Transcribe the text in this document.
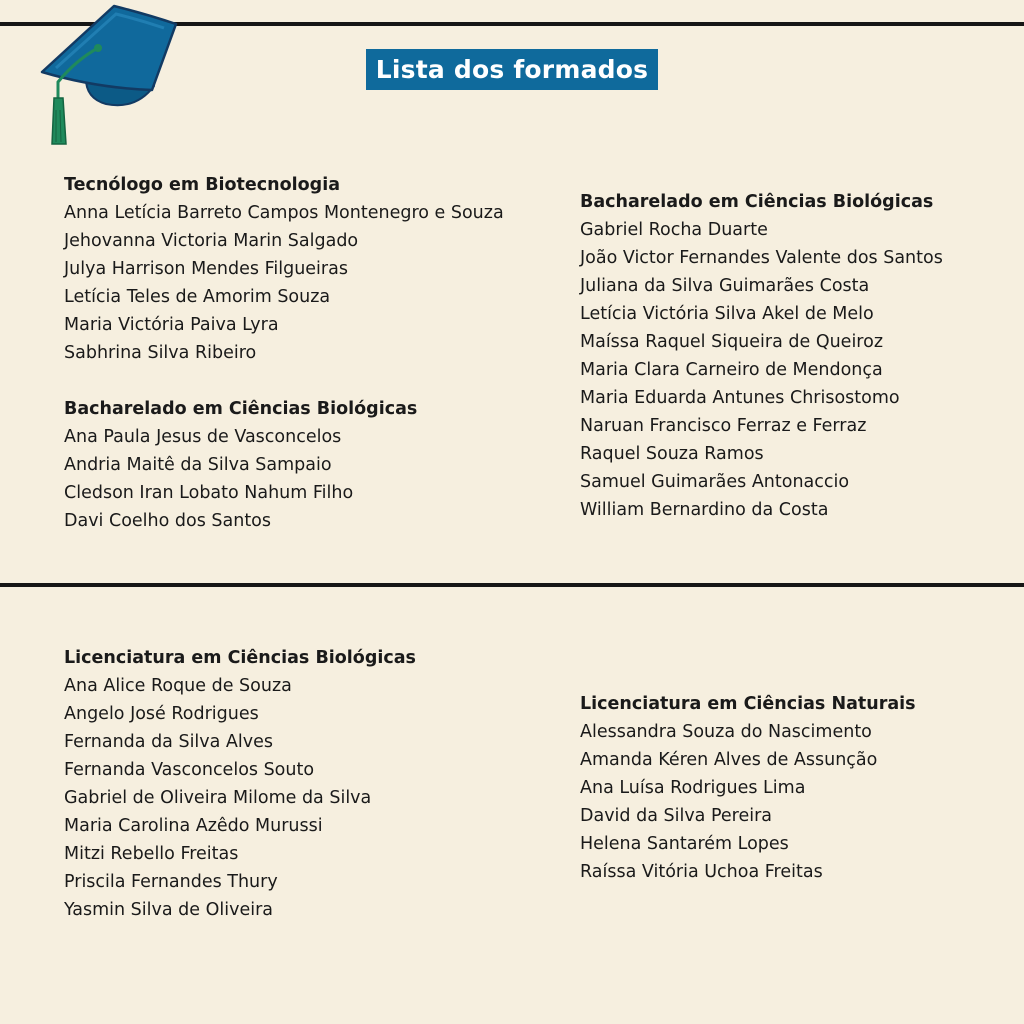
Lista dos formados
Tecnólogo em Biotecnologia
Anna Letícia Barreto Campos Montenegro e Souza
Jehovanna Victoria Marin Salgado
Julya Harrison Mendes Filgueiras
Letícia Teles de Amorim Souza
Maria Victória Paiva Lyra
Sabhrina Silva Ribeiro
Bacharelado em Ciências Biológicas
Ana Paula Jesus de Vasconcelos
Andria Maitê da Silva Sampaio
Cledson Iran Lobato Nahum Filho
Davi Coelho dos Santos
Bacharelado em Ciências Biológicas
Gabriel Rocha Duarte
João Victor Fernandes Valente dos Santos
Juliana da Silva Guimarães Costa
Letícia Victória Silva Akel de Melo
Maíssa Raquel Siqueira de Queiroz
Maria Clara Carneiro de Mendonça
Maria Eduarda Antunes Chrisostomo
Naruan Francisco Ferraz e Ferraz
Raquel Souza Ramos
Samuel Guimarães Antonaccio
William Bernardino da Costa
Licenciatura em Ciências Biológicas
Ana Alice Roque de Souza
Angelo José Rodrigues
Fernanda da Silva Alves
Fernanda Vasconcelos Souto
Gabriel de Oliveira Milome da Silva
Maria Carolina Azêdo Murussi
Mitzi Rebello Freitas
Priscila Fernandes Thury
Yasmin Silva de Oliveira
Licenciatura em Ciências Naturais
Alessandra Souza do Nascimento
Amanda Kéren Alves de Assunção
Ana Luísa Rodrigues Lima
David da Silva Pereira
Helena Santarém Lopes
Raíssa Vitória Uchoa Freitas
